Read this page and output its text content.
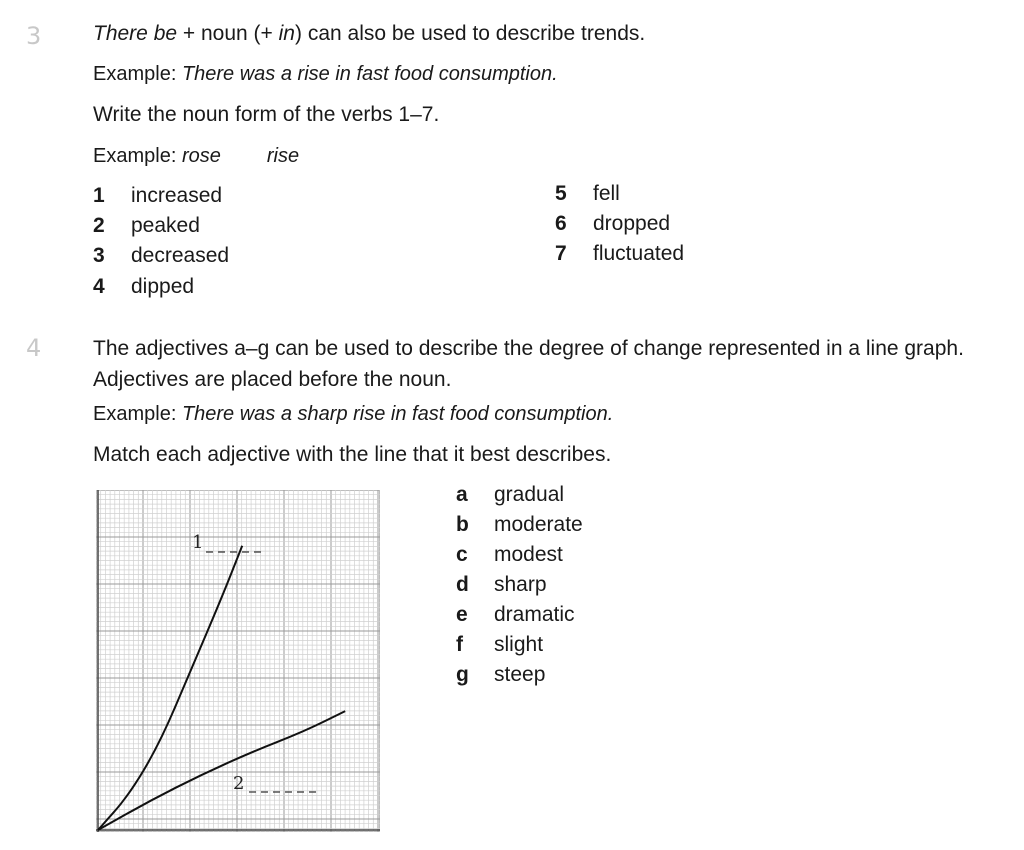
3 There be + noun (+ in) can also be used to describe trends.
Example: There was a rise in fast food consumption.
Write the noun form of the verbs 1–7.
Example: rose rise
1 increased
2 peaked
3 decreased
4 dipped
5 fell
6 dropped
7 fluctuated
4 The adjectives a–g can be used to describe the degree of change represented in a line graph. Adjectives are placed before the noun.
Example: There was a sharp rise in fast food consumption.
Match each adjective with the line that it best describes.
a gradual
b moderate
c modest
d sharp
e dramatic
f slight
g steep
1
2
